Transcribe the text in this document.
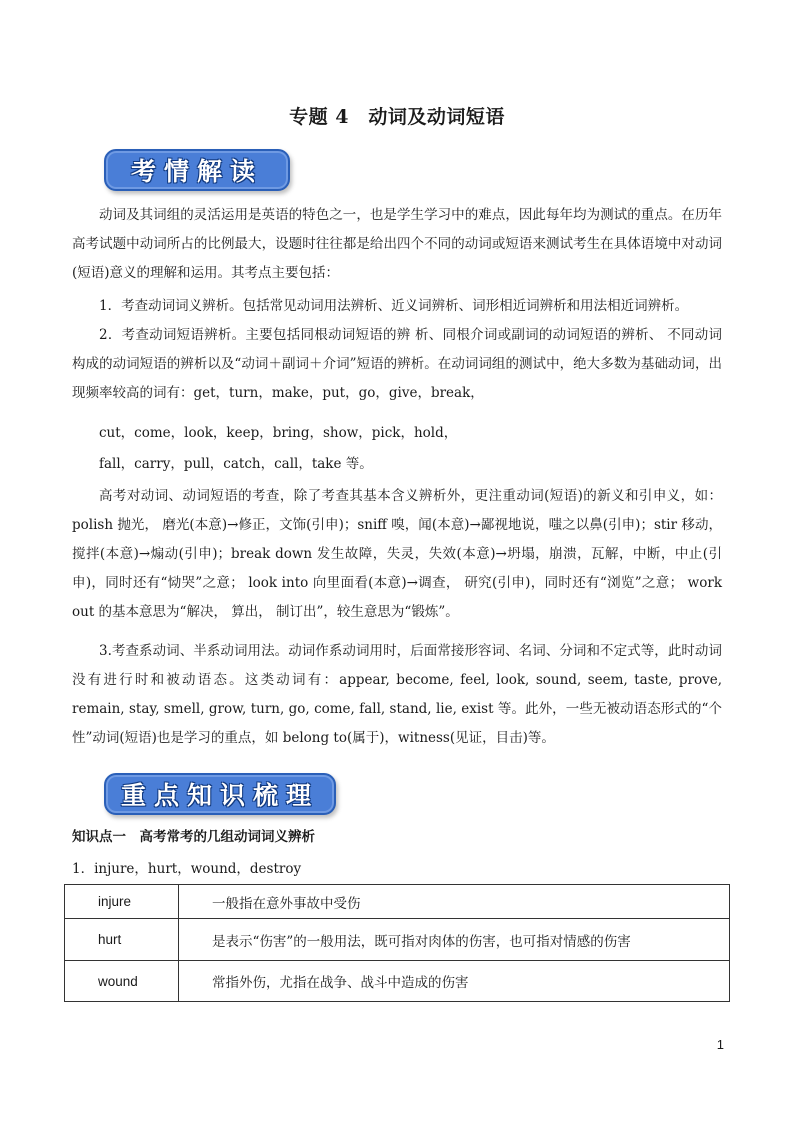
专题 4　动词及动词短语
考情解读
动词及其词组的灵活运用是英语的特色之一，也是学生学习中的难点，因此每年均为测试的重点。在历年高考试题中动词所占的比例最大，设题时往往都是给出四个不同的动词或短语来测试考生在具体语境中对动词(短语)意义的理解和运用。其考点主要包括：
1．考查动词词义辨析。包括常见动词用法辨析、近义词辨析、词形相近词辨析和用法相近词辨析。
2．考查动词短语辨析。主要包括同根动词短语的辨 析、同根介词或副词的动词短语的辨析、 不同动词构成的动词短语的辨析以及“动词＋副词＋介词”短语的辨析。在动词词组的测试中，绝大多数为基础动词，出现频率较高的词有：get，turn，make，put，go，give，break，
cut，come，look，keep，bring，show，pick，hold，
fall，carry，pull，catch，call，take 等。
高考对动词、动词短语的考查，除了考查其基本含义辨析外，更注重动词(短语)的新义和引申义，如：polish 抛光， 磨光(本意)→修正，文饰(引申)；sniff 嗅，闻(本意)→鄙视地说，嗤之以鼻(引申)；stir 移动，搅拌(本意)→煽动(引申)；break down 发生故障，失灵，失效(本意)→坍塌，崩溃，瓦解，中断，中止(引申)，同时还有“恸哭”之意； look into 向里面看(本意)→调查， 研究(引申)，同时还有“浏览”之意； work out 的基本意思为“解决， 算出， 制订出”，较生意思为“锻炼”。
3.考查系动词、半系动词用法。动词作系动词用时，后面常接形容词、名词、分词和不定式等，此时动词没有进行时和被动语态。这类动词有：appear, become, feel, look, sound, seem, taste, prove, remain, stay, smell, grow, turn, go, come, fall, stand, lie, exist 等。此外，一些无被动语态形式的“个性”动词(短语)也是学习的重点，如 belong to(属于)，witness(见证，目击)等。
重点知识梳理
知识点一　高考常考的几组动词词义辨析
1．injure，hurt，wound，destroy
injure	一般指在意外事故中受伤
hurt	是表示“伤害”的一般用法，既可指对肉体的伤害，也可指对情感的伤害
wound	常指外伤，尤指在战争、战斗中造成的伤害
1
